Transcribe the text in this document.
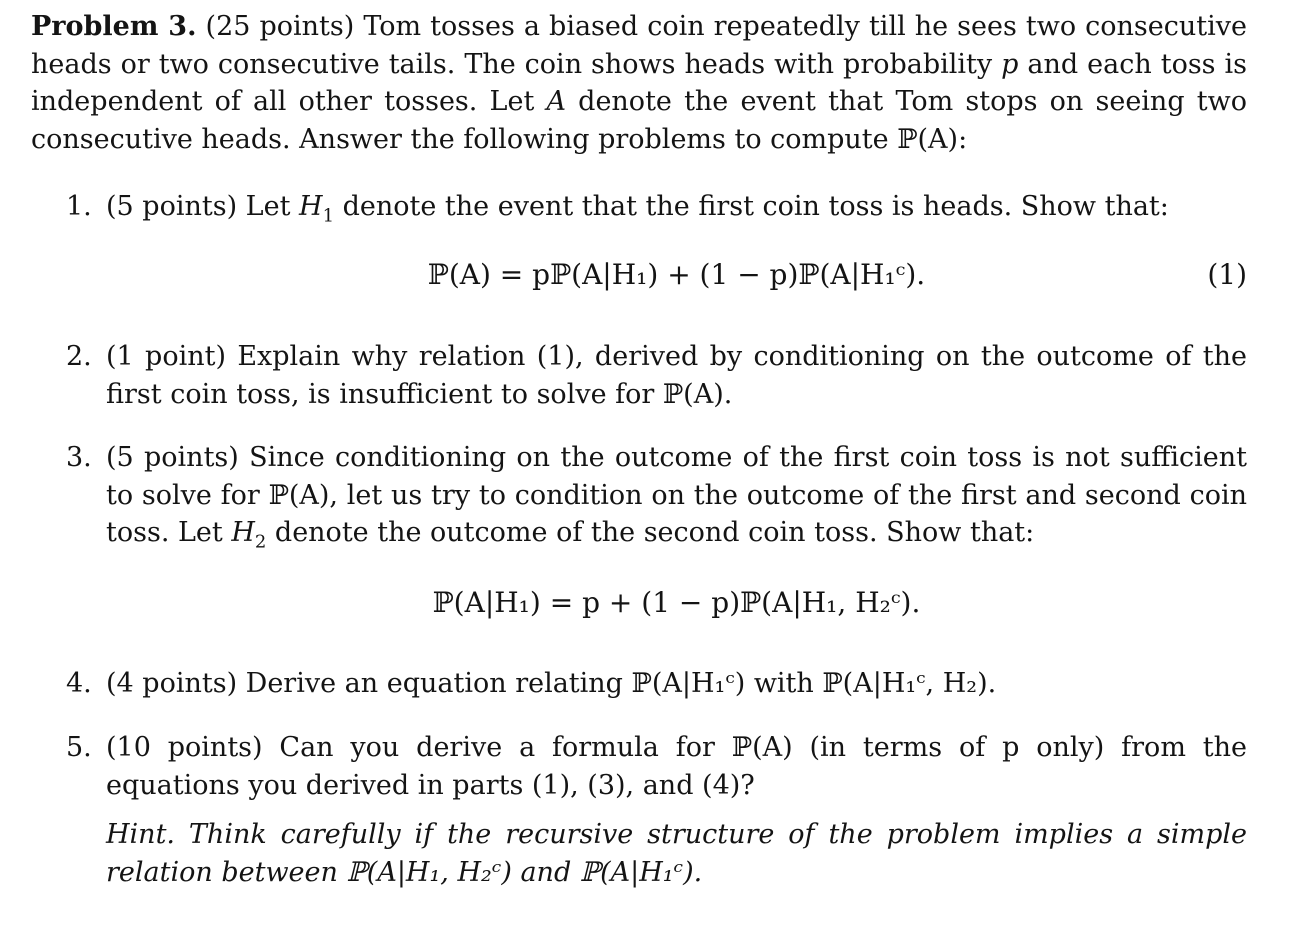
Problem 3. (25 points) Tom tosses a biased coin repeatedly till he sees two consecutive heads or two consecutive tails. The coin shows heads with probability p and each toss is independent of all other tosses. Let A denote the event that Tom stops on seeing two consecutive heads. Answer the following problems to compute ℙ(A):

1. (5 points) Let $H_1$ denote the event that the first coin toss is heads. Show that:
ℙ(A) = pℙ(A|H₁) + (1 − p)ℙ(A|H₁ᶜ).	(1)
2. (1 point) Explain why relation (1), derived by conditioning on the outcome of the first coin toss, is insufficient to solve for ℙ(A).
3. (5 points) Since conditioning on the outcome of the first coin toss is not sufficient to solve for ℙ(A), let us try to condition on the outcome of the first and second coin toss. Let $H_2$ denote the outcome of the second coin toss. Show that:
ℙ(A|H₁) = p + (1 − p)ℙ(A|H₁, H₂ᶜ).
4. (4 points) Derive an equation relating ℙ(A|H₁ᶜ) with ℙ(A|H₁ᶜ, H₂).
5. (10 points) Can you derive a formula for ℙ(A) (in terms of p only) from the equations you derived in parts (1), (3), and (4)?
Hint. Think carefully if the recursive structure of the problem implies a simple relation between ℙ(A|H₁, H₂ᶜ) and ℙ(A|H₁ᶜ).
